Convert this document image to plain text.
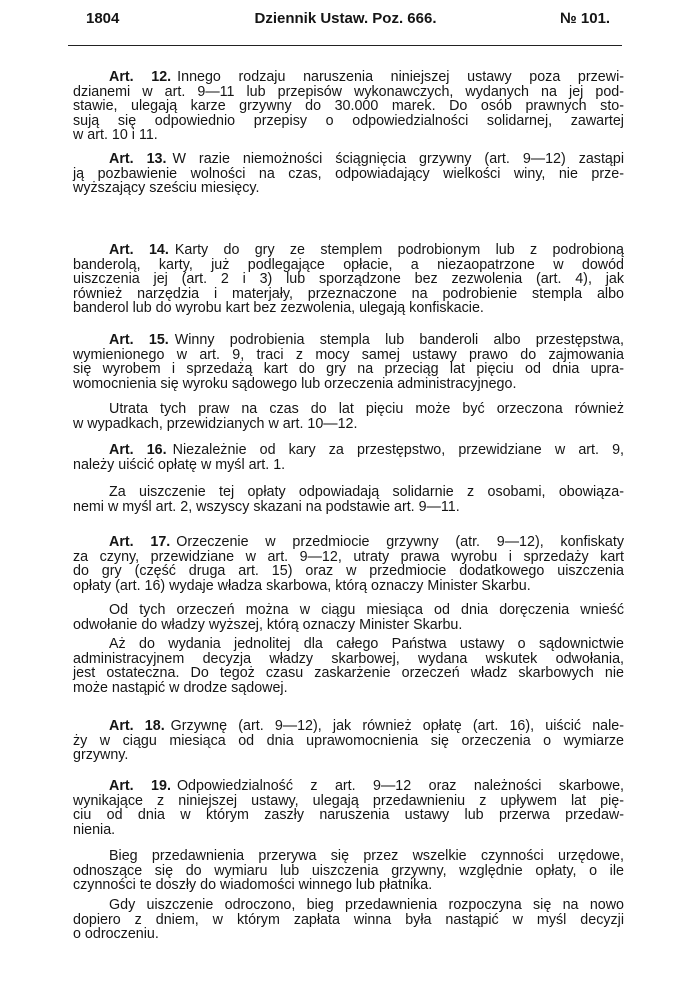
1804	Dziennik Ustaw. Poz. 666.	№ 101.
Art. 12. Innego rodzaju naruszenia niniejszej ustawy poza przewi-
dzianemi w art. 9—11 lub przepisów wykonawczych, wydanych na jej pod-
stawie, ulegają karze grzywny do 30.000 marek. Do osób prawnych sto-
sują się odpowiednio przepisy o odpowiedzialności solidarnej, zawartej
w art. 10 i 11.
Art. 13. W razie niemożności ściągnięcia grzywny (art. 9—12) zastąpi
ją pozbawienie wolności na czas, odpowiadający wielkości winy, nie prze-
wyższający sześciu miesięcy.
Art. 14. Karty do gry ze stemplem podrobionym lub z podrobioną
banderolą, karty, już podlegające opłacie, a niezaopatrzone w dowód
uiszczenia jej (art. 2 i 3) lub sporządzone bez zezwolenia (art. 4), jak
również narzędzia i materjały, przeznaczone na podrobienie stempla albo
banderol lub do wyrobu kart bez zezwolenia, ulegają konfiskacie.
Art. 15. Winny podrobienia stempla lub banderoli albo przestępstwa,
wymienionego w art. 9, traci z mocy samej ustawy prawo do zajmowania
się wyrobem i sprzedażą kart do gry na przeciąg lat pięciu od dnia upra-
womocnienia się wyroku sądowego lub orzeczenia administracyjnego.
Utrata tych praw na czas do lat pięciu może być orzeczona również
w wypadkach, przewidzianych w art. 10—12.
Art. 16. Niezależnie od kary za przestępstwo, przewidziane w art. 9,
należy uiścić opłatę w myśl art. 1.
Za uiszczenie tej opłaty odpowiadają solidarnie z osobami, obowiąza-
nemi w myśl art. 2, wszyscy skazani na podstawie art. 9—11.
Art. 17. Orzeczenie w przedmiocie grzywny (atr. 9—12), konfiskaty
za czyny, przewidziane w art. 9—12, utraty prawa wyrobu i sprzedaży kart
do gry (część druga art. 15) oraz w przedmiocie dodatkowego uiszczenia
opłaty (art. 16) wydaje władza skarbowa, którą oznaczy Minister Skarbu.
Od tych orzeczeń można w ciągu miesiąca od dnia doręczenia wnieść
odwołanie do władzy wyższej, którą oznaczy Minister Skarbu.
Aż do wydania jednolitej dla całego Państwa ustawy o sądownictwie
administracyjnem decyzja władzy skarbowej, wydana wskutek odwołania,
jest ostateczna. Do tegoż czasu zaskarżenie orzeczeń władz skarbowych nie
może nastąpić w drodze sądowej.
Art. 18. Grzywnę (art. 9—12), jak również opłatę (art. 16), uiścić nale-
ży w ciągu miesiąca od dnia uprawomocnienia się orzeczenia o wymiarze
grzywny.
Art. 19. Odpowiedzialność z art. 9—12 oraz należności skarbowe,
wynikające z niniejszej ustawy, ulegają przedawnieniu z upływem lat pię-
ciu od dnia w którym zaszły naruszenia ustawy lub przerwa przedaw-
nienia.
Bieg przedawnienia przerywa się przez wszelkie czynności urzędowe,
odnoszące się do wymiaru lub uiszczenia grzywny, względnie opłaty, o ile
czynności te doszły do wiadomości winnego lub płatnika.
Gdy uiszczenie odroczono, bieg przedawnienia rozpoczyna się na nowo
dopiero z dniem, w którym zapłata winna była nastąpić w myśl decyzji
o odroczeniu.
